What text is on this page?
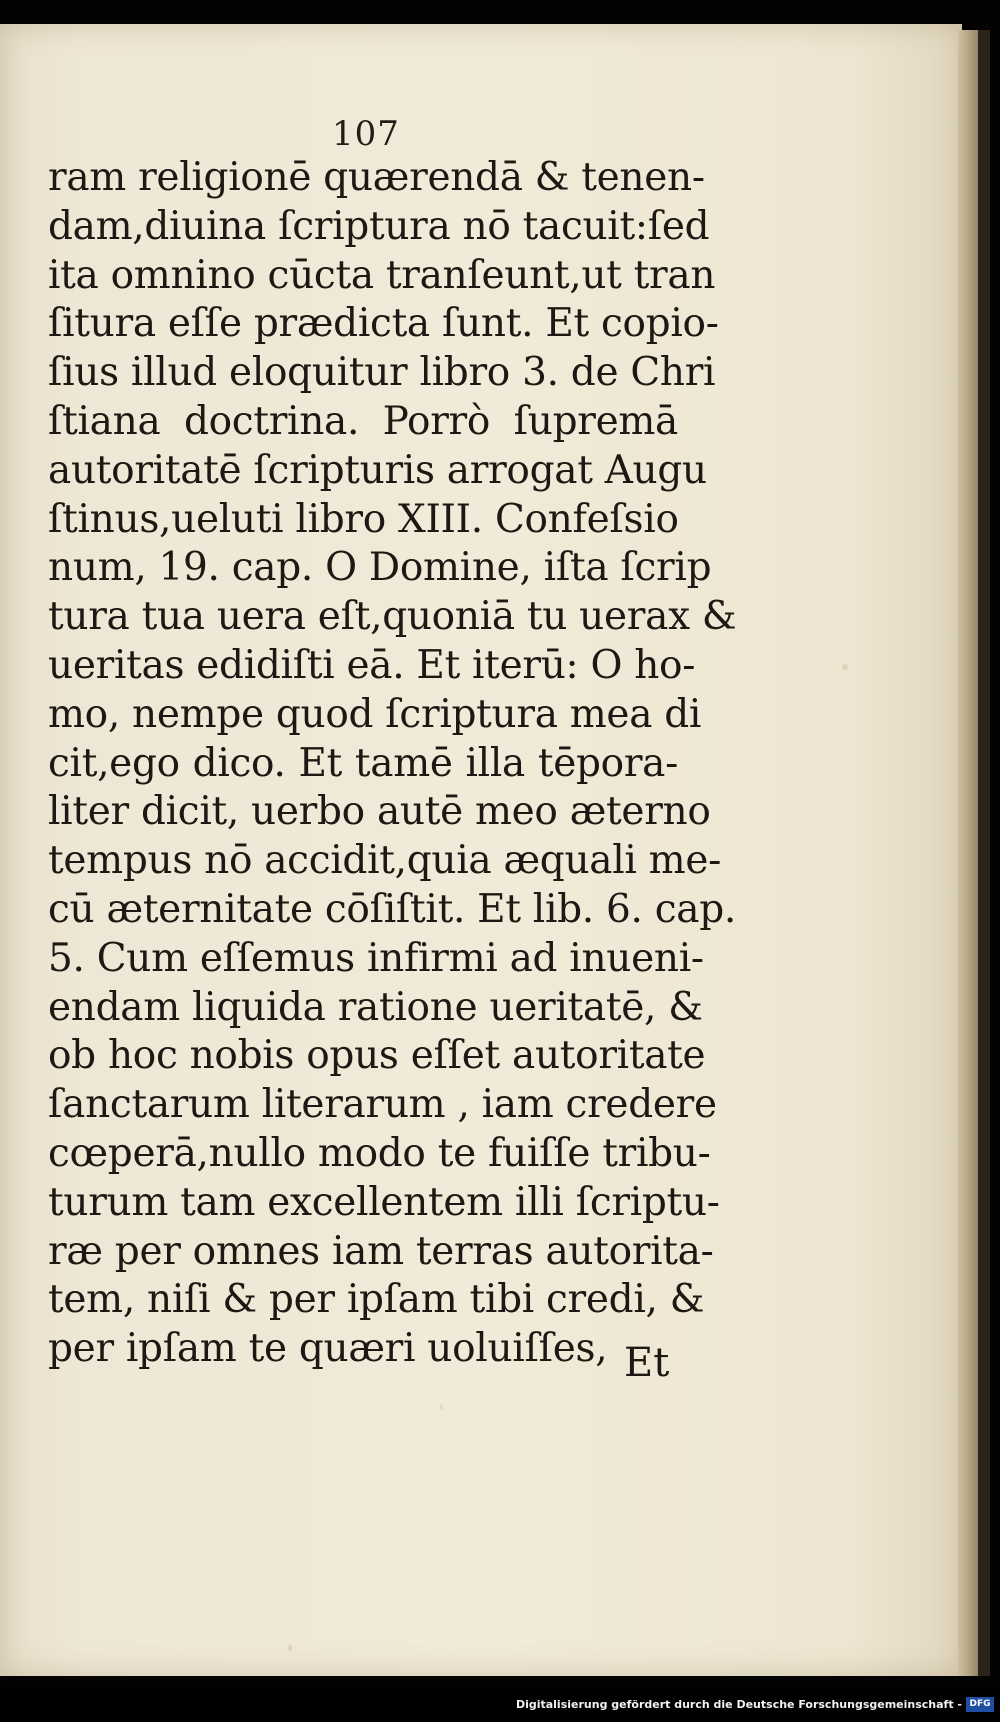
107
ram religionē quærendā & tenen-
dam,diuina ſcriptura nō tacuit:ſed
ita omnino cūcta tranſeunt,ut tran
ſitura eſſe prædicta ſunt. Et copio-
ſius illud eloquitur libro 3. de Chri
ſtiana doctrina. Porrò ſupremā
autoritatē ſcripturis arrogat Augu
ſtinus,ueluti libro XIII. Confeſsio
num, 19. cap. O Domine, iſta ſcrip
tura tua uera eſt,quoniā tu uerax &
ueritas edidiſti eā. Et iterū: O ho-
mo, nempe quod ſcriptura mea di
cit,ego dico. Et tamē illa tēpora-
liter dicit, uerbo autē meo æterno
tempus nō accidit,quia æquali me-
cū æternitate cōſiſtit. Et lib. 6. cap.
5. Cum eſſemus infirmi ad inueni-
endam liquida ratione ueritatē, &
ob hoc nobis opus eſſet autoritate
ſanctarum literarum , iam credere
cœperā,nullo modo te fuiſſe tribu-
turum tam excellentem illi ſcriptu-
ræ per omnes iam terras autorita-
tem, niſi & per ipſam tibi credi, &
per ipſam te quæri uoluiſſes, Et
Digitalisierung gefördert durch die Deutsche Forschungsgemeinschaft - DFG
